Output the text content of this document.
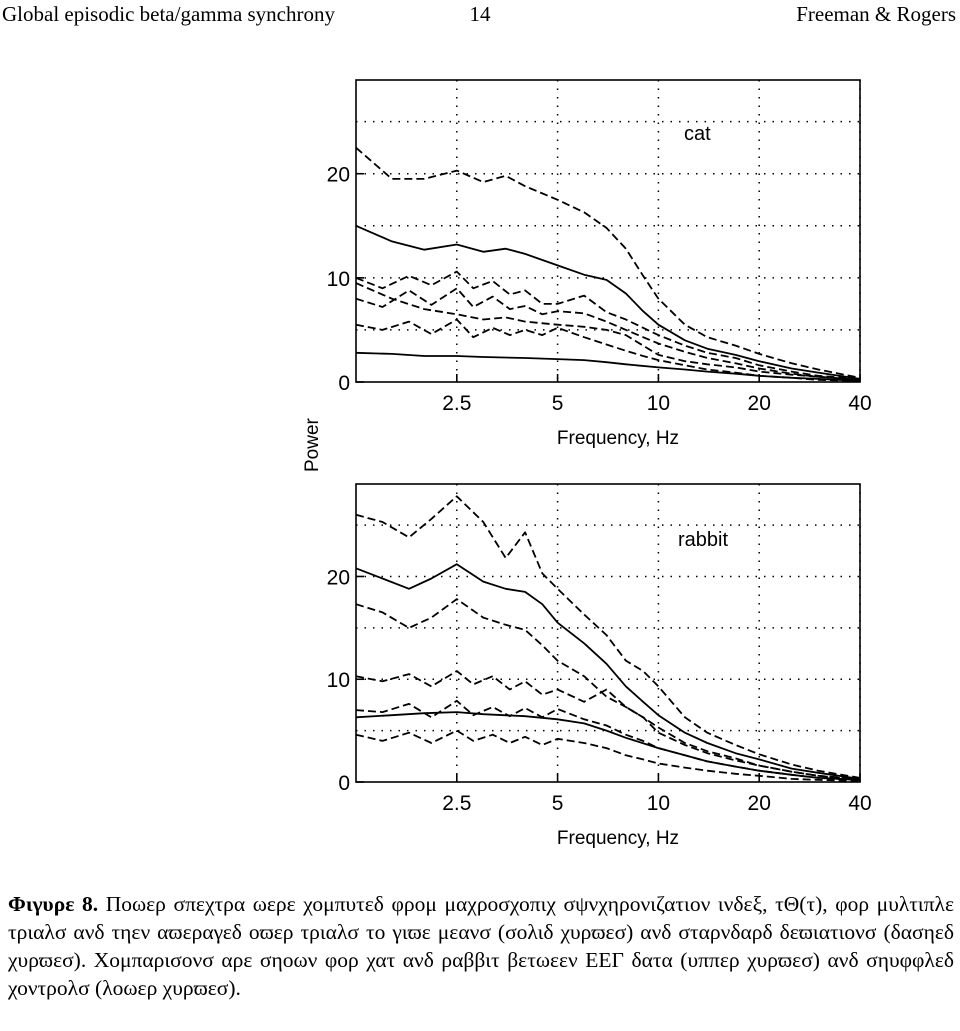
Global episodic beta/gamma synchrony	14	Freeman & Rogers
2.5	5	10	20	40
0
10
20
Frequency, Hz
cat
2.5	5	10	20	40
0
10
20
Frequency, Hz
rabbit
Power
Φιγυρε 8. Ποωερ σπεχτρα ωερε χομπυτεδ φρομ μαχροσχοπιχ σψνχηρονιζατιον ινδεξ, τΘ(τ), φορ μυλτιπλε τριαλσ ανδ τηεν αϖεραγεδ οϖερ τριαλσ το γιϖε μεανσ (σολιδ χυρϖεσ) ανδ σταρνδαρδ δεϖιατιονσ (δασηεδ χυρϖεσ). Χομπαρισονσ αρε σηοων φορ χατ ανδ ραββιτ βετωεεν ΕΕΓ δατα (υππερ χυρϖεσ) ανδ σηυφφλεδ χοντρολσ (λοωερ χυρϖεσ).
